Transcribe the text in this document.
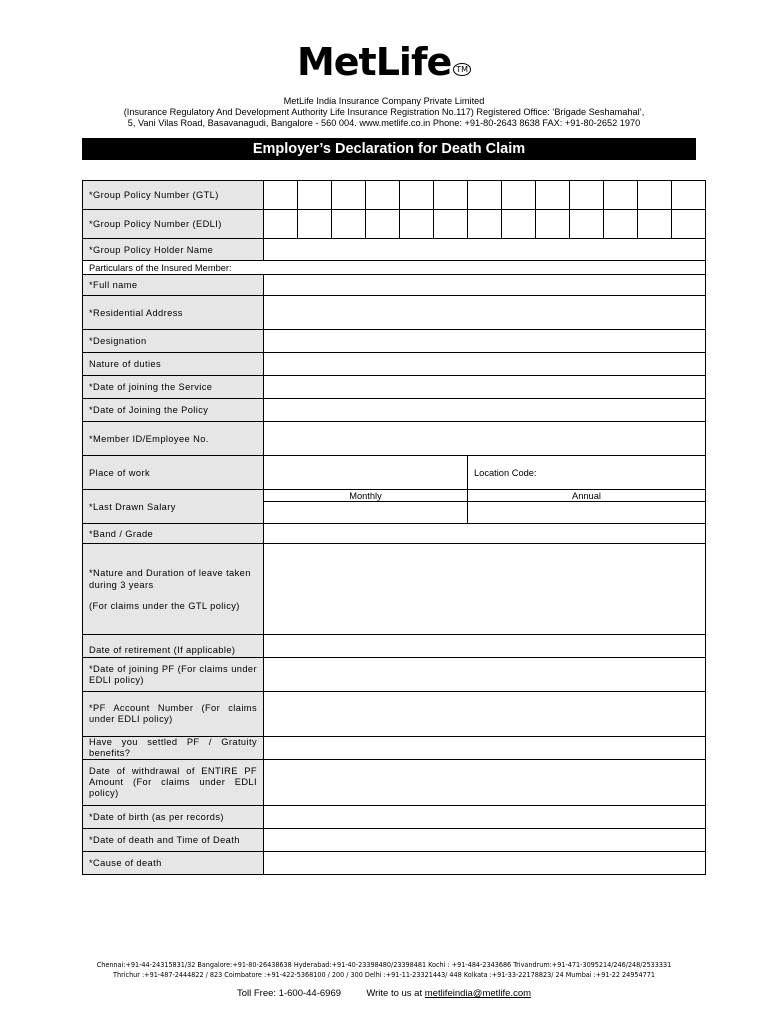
MetLife ™
MetLife India Insurance Company Private Limited
(Insurance Regulatory And Development Authority Life Insurance Registration No.117) Registered Office: ‘Brigade Seshamahal’,
5, Vani Vilas Road, Basavanagudi, Bangalore - 560 004. www.metlife.co.in Phone: +91-80-2643 8638 FAX: +91-80-2652 1970
Employer’s Declaration for Death Claim
*Group Policy Number (GTL)													
*Group Policy Number (EDLI)													
*Group Policy Holder Name													
Particulars of the Insured Member:													

*Full name													
*Residential Address													
*Designation													
Nature of duties													
*Date of joining the Service													
*Date of Joining the Policy													
*Member ID/Employee No.													
Place of work							Location Code:						
*Last Drawn Salary	Monthly						Annual						

*Band / Grade													

*Nature and Duration of leave taken during 3 years
(For claims under the GTL policy)													

Date of retirement (If applicable)													
*Date of joining PF (For claims under EDLI policy)													
*PF Account Number (For claims under EDLI policy)													
Have you settled PF / Gratuity benefits?													
Date of withdrawal of ENTIRE PF Amount (For claims under EDLI policy)													
*Date of birth (as per records)													
*Date of death and Time of Death													
*Cause of death													
Chennai:+91-44-24315831/32 Bangalore:+91-80-26438638 Hyderabad:+91-40-23398480/23398481 Kochi : +91-484-2343686 Trivandrum:+91-471-3095214/246/248/2533331
Thrichur :+91-487-2444822 / 823 Coimbatore :+91-422-5368100 / 200 / 300 Delhi :+91-11-23321443/ 448 Kolkata :+91-33-22178823/ 24 Mumbai :+91-22 24954771
Toll Free: 1-600-44-6969	Write to us at metlifeindia@metlife.com
